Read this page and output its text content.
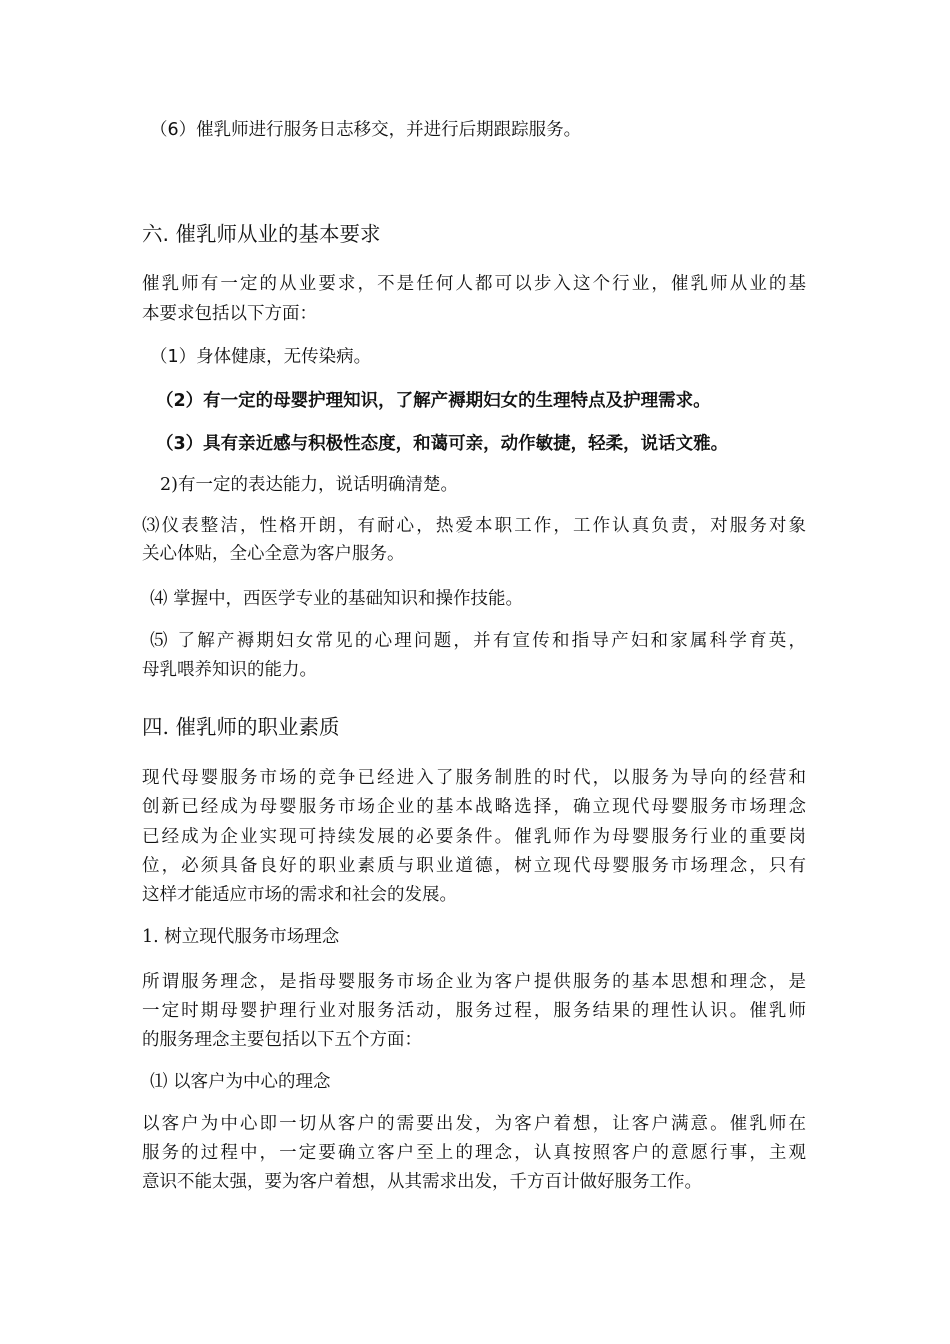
（6）催乳师进行服务日志移交，并进行后期跟踪服务。
六. 催乳师从业的基本要求
催乳师有一定的从业要求，不是任何人都可以步入这个行业，催乳师从业的基
本要求包括以下方面：
（1）身体健康，无传染病。
（2）有一定的母婴护理知识，了解产褥期妇女的生理特点及护理需求。
（3）具有亲近感与积极性态度，和蔼可亲，动作敏捷，轻柔，说话文雅。
2)有一定的表达能力，说话明确清楚。
⑶仪表整洁，性格开朗，有耐心，热爱本职工作，工作认真负责，对服务对象
关心体贴，全心全意为客户服务。
⑷ 掌握中，西医学专业的基础知识和操作技能。
⑸ 了解产褥期妇女常见的心理问题，并有宣传和指导产妇和家属科学育英，
母乳喂养知识的能力。
四. 催乳师的职业素质
现代母婴服务市场的竞争已经进入了服务制胜的时代，以服务为导向的经营和
创新已经成为母婴服务市场企业的基本战略选择，确立现代母婴服务市场理念
已经成为企业实现可持续发展的必要条件。催乳师作为母婴服务行业的重要岗
位，必须具备良好的职业素质与职业道德，树立现代母婴服务市场理念，只有
这样才能适应市场的需求和社会的发展。
1. 树立现代服务市场理念
所谓服务理念，是指母婴服务市场企业为客户提供服务的基本思想和理念，是
一定时期母婴护理行业对服务活动，服务过程，服务结果的理性认识。催乳师
的服务理念主要包括以下五个方面：
⑴ 以客户为中心的理念
以客户为中心即一切从客户的需要出发，为客户着想，让客户满意。催乳师在
服务的过程中，一定要确立客户至上的理念，认真按照客户的意愿行事，主观
意识不能太强，要为客户着想，从其需求出发，千方百计做好服务工作。
